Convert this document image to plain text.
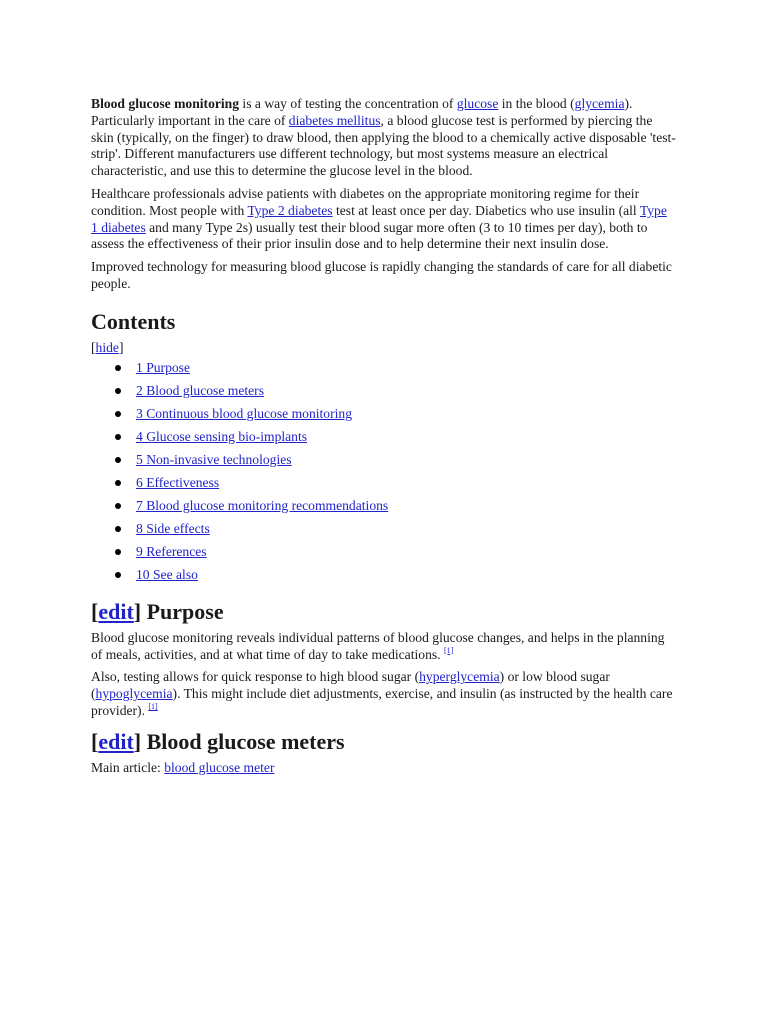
Blood glucose monitoring is a way of testing the concentration of glucose in the blood (glycemia). Particularly important in the care of diabetes mellitus, a blood glucose test is performed by piercing the skin (typically, on the finger) to draw blood, then applying the blood to a chemically active disposable 'test-strip'. Different manufacturers use different technology, but most systems measure an electrical characteristic, and use this to determine the glucose level in the blood.

Healthcare professionals advise patients with diabetes on the appropriate monitoring regime for their condition. Most people with Type 2 diabetes test at least once per day. Diabetics who use insulin (all Type 1 diabetes and many Type 2s) usually test their blood sugar more often (3 to 10 times per day), both to assess the effectiveness of their prior insulin dose and to help determine their next insulin dose.

Improved technology for measuring blood glucose is rapidly changing the standards of care for all diabetic people.

Contents
[hide]
1 Purpose
2 Blood glucose meters
3 Continuous blood glucose monitoring
4 Glucose sensing bio-implants
5 Non-invasive technologies
6 Effectiveness
7 Blood glucose monitoring recommendations
8 Side effects
9 References
10 See also
[edit] Purpose

Blood glucose monitoring reveals individual patterns of blood glucose changes, and helps in the planning of meals, activities, and at what time of day to take medications. [1]

Also, testing allows for quick response to high blood sugar (hyperglycemia) or low blood sugar (hypoglycemia). This might include diet adjustments, exercise, and insulin (as instructed by the health care provider). [1]

[edit] Blood glucose meters

Main article: blood glucose meter
